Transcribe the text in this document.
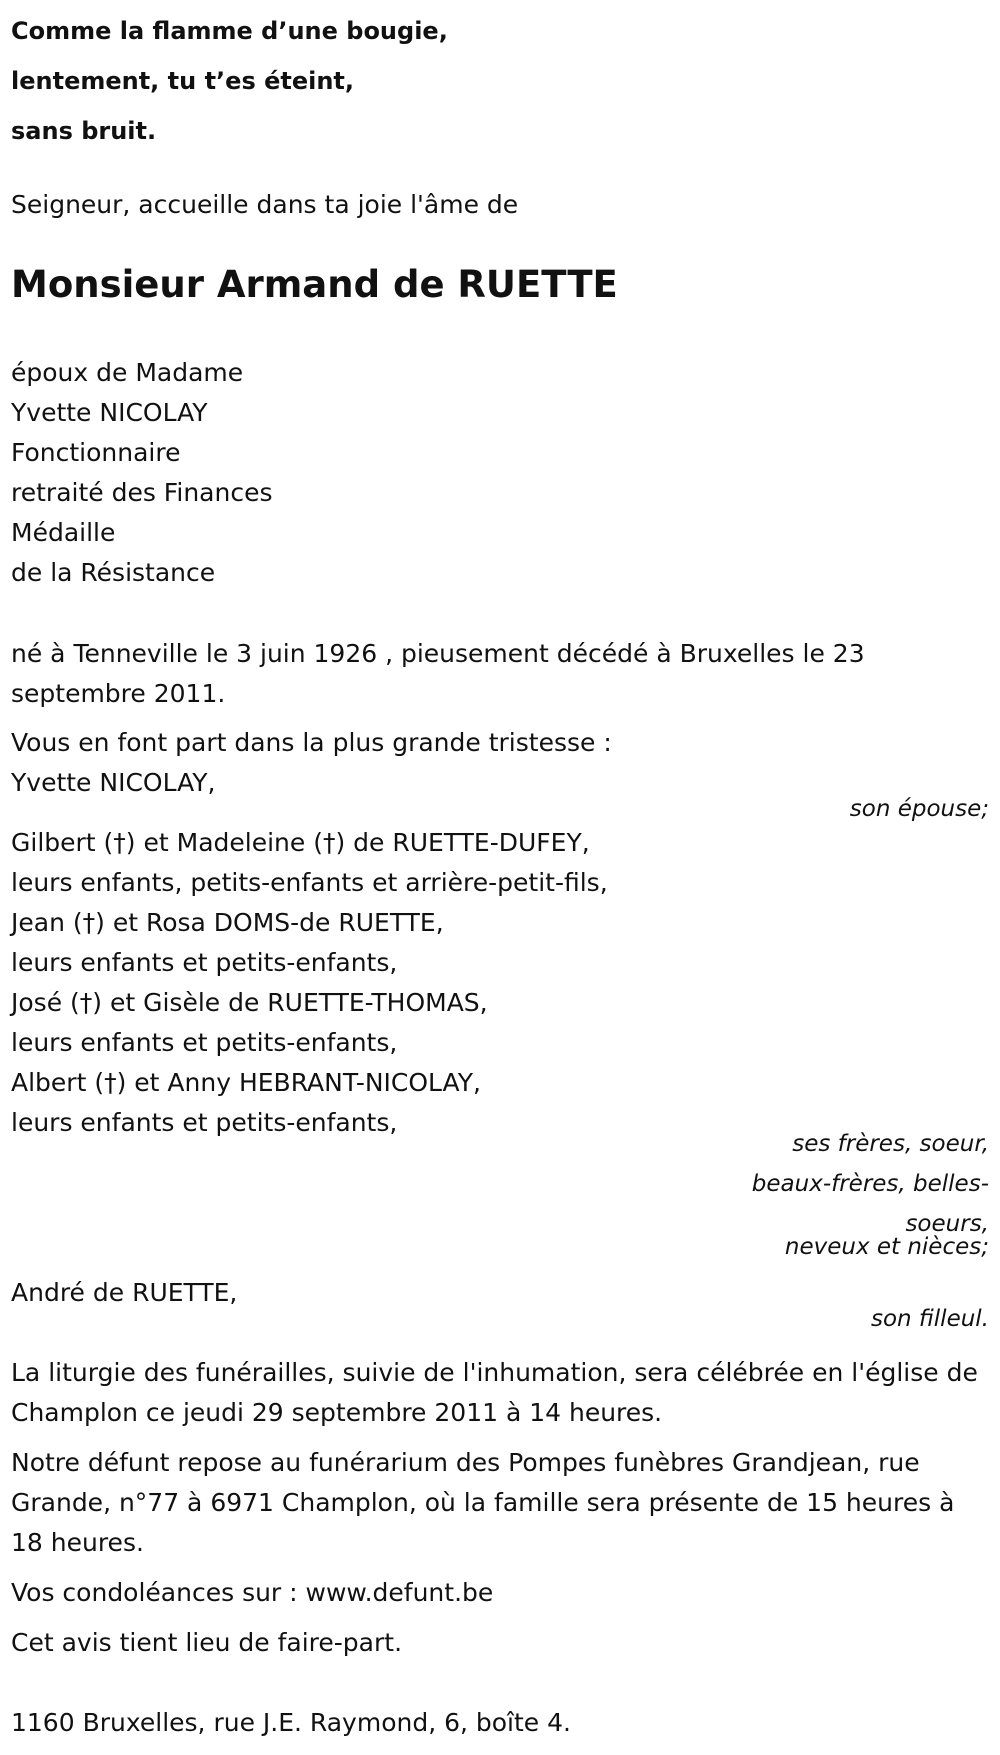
Comme la flamme d’une bougie,
lentement, tu t’es éteint,
sans bruit.
Seigneur, accueille dans ta joie l'âme de
Monsieur Armand de RUETTE
époux de Madame
Yvette NICOLAY
Fonctionnaire
retraité des Finances
Médaille
de la Résistance
né à Tenneville le 3 juin 1926 , pieusement décédé à Bruxelles le 23 septembre 2011.
Vous en font part dans la plus grande tristesse :
Yvette NICOLAY,
son épouse;
Gilbert (†) et Madeleine (†) de RUETTE-DUFEY,
leurs enfants, petits-enfants et arrière-petit-fils,
Jean (†) et Rosa DOMS-de RUETTE,
leurs enfants et petits-enfants,
José (†) et Gisèle de RUETTE-THOMAS,
leurs enfants et petits-enfants,
Albert (†) et Anny HEBRANT-NICOLAY,
leurs enfants et petits-enfants,
ses frères, soeur,
beaux-frères, belles-
soeurs,
neveux et nièces;
André de RUETTE,
son filleul.
La liturgie des funérailles, suivie de l'inhumation, sera célébrée en l'église de Champlon ce jeudi 29 septembre 2011 à 14 heures.
Notre défunt repose au funérarium des Pompes funèbres Grandjean, rue Grande, n°77 à 6971 Champlon, où la famille sera présente de 15 heures à 18 heures.
Vos condoléances sur : www.defunt.be
Cet avis tient lieu de faire-part.
1160 Bruxelles, rue J.E. Raymond, 6, boîte 4.
